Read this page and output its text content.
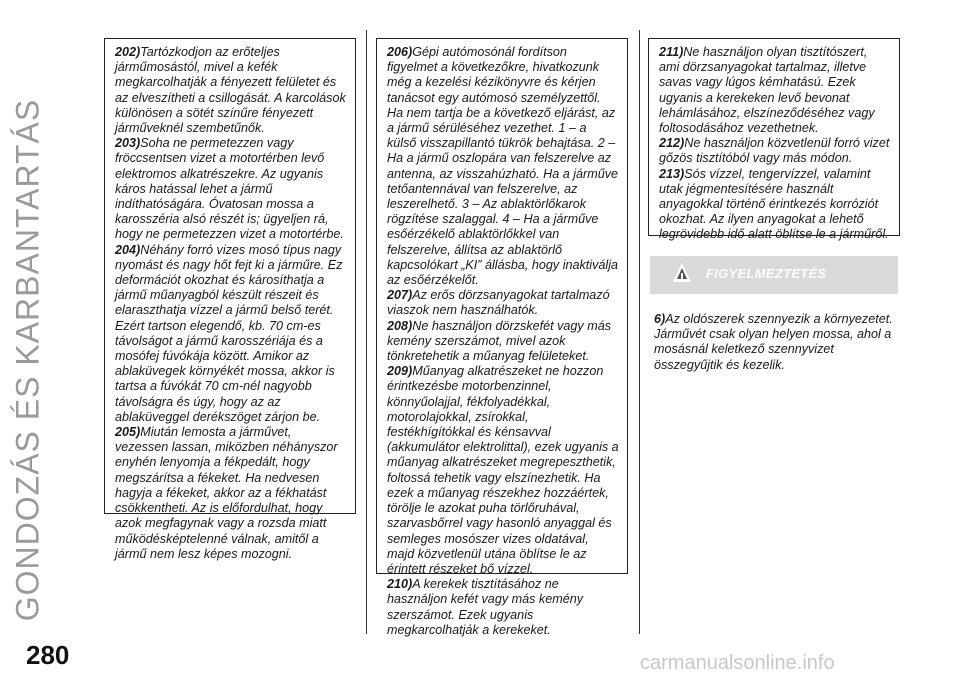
GONDOZÁS ÉS KARBANTARTÁS

202)Tartózkodjon az erőteljes járműmosástól, mivel a kefék megkarcolhatják a fényezett felületet és az elveszítheti a csillogását. A karcolások különösen a sötét színűre fényezett járműveknél szembetűnők.

203)Soha ne permetezzen vagy fröccsentsen vizet a motortérben levő elektromos alkatrészekre. Az ugyanis káros hatással lehet a jármű indíthatóságára. Óvatosan mossa a karosszéria alsó részét is; ügyeljen rá, hogy ne permetezzen vizet a motortérbe.

204)Néhány forró vizes mosó típus nagy nyomást és nagy hőt fejt ki a járműre. Ez deformációt okozhat és károsíthatja a jármű műanyagból készült részeit és elaraszthatja vízzel a jármű belső terét. Ezért tartson elegendő, kb. 70 cm-es távolságot a jármű karosszériája és a mosófej fúvókája között. Amikor az ablaküvegek környékét mossa, akkor is tartsa a fúvókát 70 cm-nél nagyobb távolságra és úgy, hogy az az ablaküveggel derékszöget zárjon be.

205)Miután lemosta a járművet, vezessen lassan, miközben néhányszor enyhén lenyomja a fékpedált, hogy megszárítsa a fékeket. Ha nedvesen hagyja a fékeket, akkor az a fékhatást csökkentheti. Az is előfordulhat, hogy azok megfagynak vagy a rozsda miatt működésképtelenné válnak, amitől a jármű nem lesz képes mozogni.

206)Gépi autómosónál fordítson figyelmet a következőkre, hivatkozunk még a kezelési kézikönyvre és kérjen tanácsot egy autómosó személyzettől. Ha nem tartja be a következő eljárást, az a jármű sérüléséhez vezethet. 1 – a külső visszapillantó tükrök behajtása. 2 – Ha a jármű oszlopára van felszerelve az antenna, az visszahúzható. Ha a járműve tetőantennával van felszerelve, az leszerelhető. 3 – Az ablaktörlőkarok rögzítése szalaggal. 4 – Ha a járműve esőérzékelő ablaktörlőkkel van felszerelve, állítsa az ablaktörlő kapcsolókart „KI” állásba, hogy inaktiválja az esőérzékelőt.

207)Az erős dörzsanyagokat tartalmazó viaszok nem használhatók.

208)Ne használjon dörzskefét vagy más kemény szerszámot, mivel azok tönkretehetik a műanyag felületeket.

209)Műanyag alkatrészeket ne hozzon érintkezésbe motorbenzinnel, könnyűolajjal, fékfolyadékkal, motorolajokkal, zsírokkal, festékhígítókkal és kénsavval (akkumulátor elektrolittal), ezek ugyanis a műanyag alkatrészeket megrepeszthetik, foltossá tehetik vagy elszínezhetik. Ha ezek a műanyag részekhez hozzáértek, törölje le azokat puha törlőruhával, szarvasbőrrel vagy hasonló anyaggal és semleges mosószer vizes oldatával, majd közvetlenül utána öblítse le az érintett részeket bő vízzel.

210)A kerekek tisztításához ne használjon kefét vagy más kemény szerszámot. Ezek ugyanis megkarcolhatják a kerekeket.

211)Ne használjon olyan tisztítószert, ami dörzsanyagokat tartalmaz, illetve savas vagy lúgos kémhatású. Ezek ugyanis a kerekeken levő bevonat lehámlásához, elszíneződéséhez vagy foltosodásához vezethetnek.

212)Ne használjon közvetlenül forró vizet gőzös tisztítóból vagy más módon.

213)Sós vízzel, tengervízzel, valamint utak jégmentesítésére használt anyagokkal történő érintkezés korróziót okozhat. Az ilyen anyagokat a lehető legrövidebb idő alatt öblítse le a járműről.

FIGYELMEZTETÉS

6)Az oldószerek szennyezik a környezetet. Járművét csak olyan helyen mossa, ahol a mosásnál keletkező szennyvizet összegyűjtik és kezelik.

280	carmanualsonline.info
